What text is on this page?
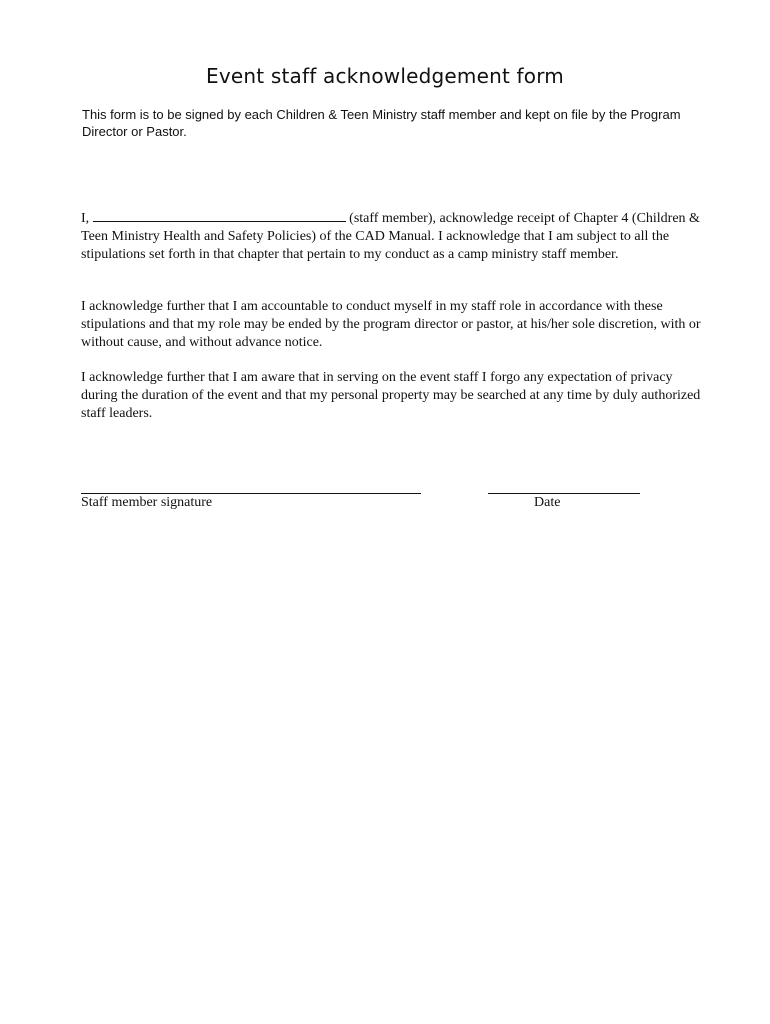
Event staff acknowledgement form

This form is to be signed by each Children & Teen Ministry staff member and kept on file by the Program Director or Pastor.

I,	(staff member), acknowledge receipt of Chapter 4 (Children & Teen Ministry Health and Safety Policies) of the CAD Manual. I acknowledge that I am subject to all the stipulations set forth in that chapter that pertain to my conduct as a camp ministry staff member.

I acknowledge further that I am accountable to conduct myself in my staff role in accordance with these stipulations and that my role may be ended by the program director or pastor, at his/her sole discretion, with or without cause, and without advance notice.

I acknowledge further that I am aware that in serving on the event staff I forgo any expectation of privacy during the duration of the event and that my personal property may be searched at any time by duly authorized staff leaders.

Staff member signature	Date
